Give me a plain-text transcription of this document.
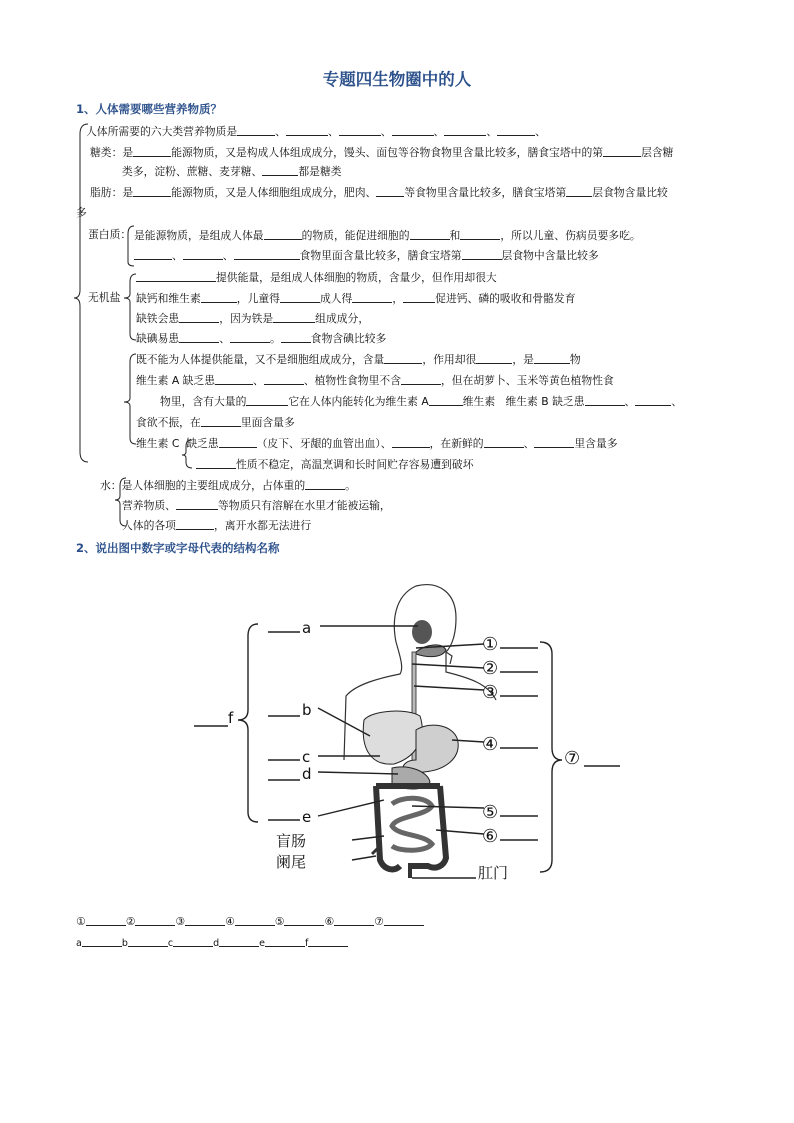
专题四生物圈中的人
1、人体需要哪些营养物质？
人体所需要的六大类营养物质是	、	、	、	、	、	、
糖类：是	能源物质，又是构成人体组成成分，馒头、面包等谷物食物里含量比较多，膳食宝塔中的第	层含糖
类多，淀粉、蔗糖、麦芽糖、	都是糖类
脂肪：是	能源物质，又是人体细胞组成成分，肥肉、	等食物里含量比较多，膳食宝塔第 层食物含量比较
多
蛋白质： 是能源物质，是组成人体最	的物质，能促进细胞的	和	，所以儿童、伤病员要多吃。
、	、	食物里面含量比较多，膳食宝塔第	层食物中含量比较多
无机盐
提供能量，是组成人体细胞的物质，含量少，但作用却很大
缺钙和维生素	，儿童得	成人得	，	促进钙、磷的吸收和骨骼发育
缺铁会患	，因为铁是	组成成分，
缺碘易患	、	。	食物含碘比较多
既不能为人体提供能量，又不是细胞组成成分，含量	，作用却很	，是	物
维生素 A 缺乏患	、	、植物性食物里不含	，但在胡萝卜、玉米等黄色植物性食
物里，含有大量的	它在人体内能转化为维生素 A	维生素 维生素 B 缺乏患	、	、
食欲不振，在	里面含量多
维生素 C 缺乏患	（皮下、牙龈的血管出血）、	，在新鲜的	、	里含量多
性质不稳定，高温烹调和长时间贮存容易遭到破坏
水：是人体细胞的主要组成成分，占体重的	。
营养物质、	等物质只有溶解在水里才能被运输，
人体的各项	，离开水都无法进行
2、说出图中数字或字母代表的结构名称
a
b
c
d
e
f
①
②
③
④
⑤
⑥
⑦
盲肠
阑尾
肛门
①	②	③	④	⑤	⑥	⑦
a	b	c	d	e	f
